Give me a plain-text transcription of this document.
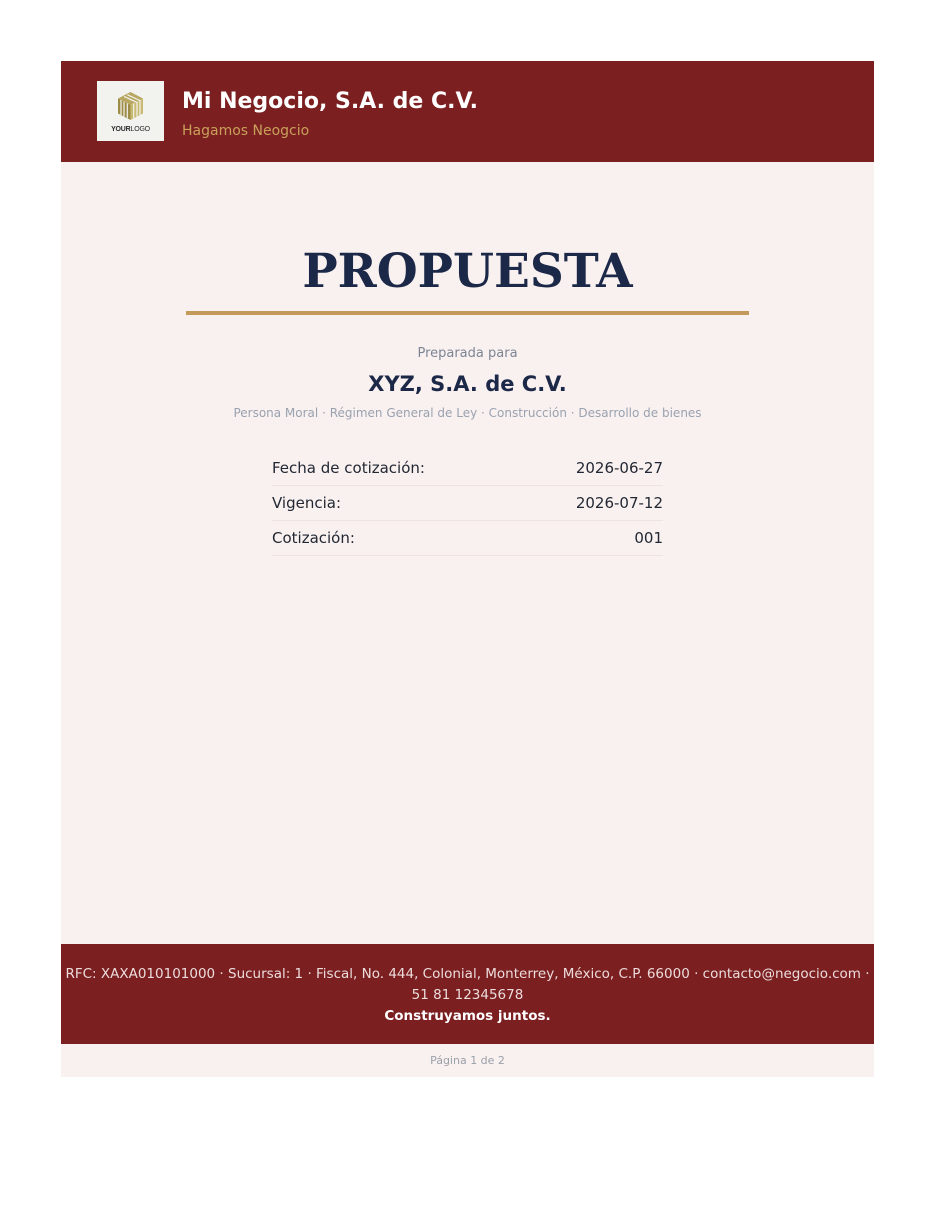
YOURLOGO
Mi Negocio, S.A. de C.V.
Hagamos Neogcio
PROPUESTA
Preparada para
XYZ, S.A. de C.V.
Persona Moral · Régimen General de Ley · Construcción · Desarrollo de bienes
Fecha de cotización:	2026-06-27
Vigencia:	2026-07-12
Cotización:	001
RFC: XAXA010101000 · Sucursal: 1 · Fiscal, No. 444, Colonial, Monterrey, México, C.P. 66000 · contacto@negocio.com ·
51 81 12345678
Construyamos juntos.
Página 1 de 2
